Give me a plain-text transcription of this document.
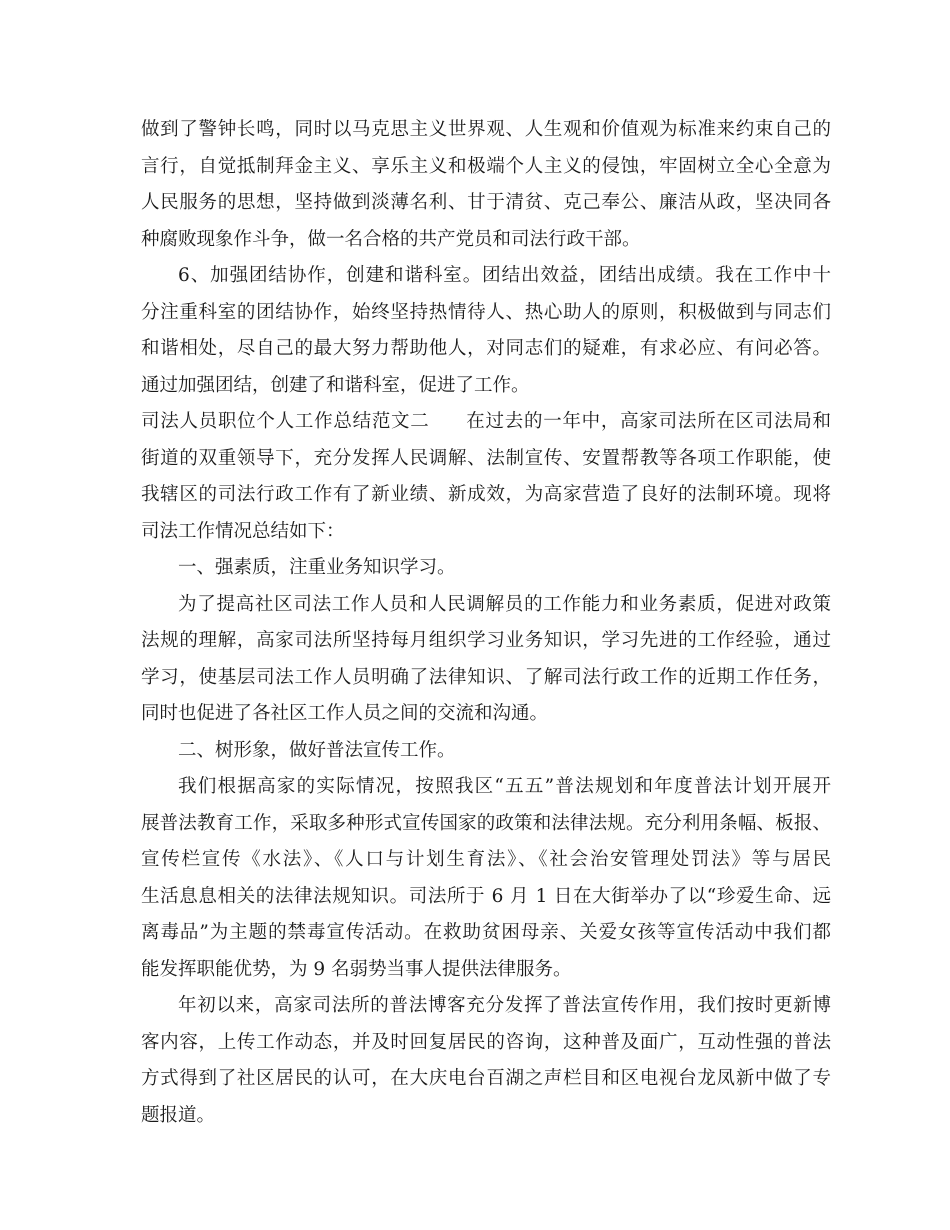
做到了警钟长鸣，同时以马克思主义世界观、人生观和价值观为标准来约束自己的
言行，自觉抵制拜金主义、享乐主义和极端个人主义的侵蚀，牢固树立全心全意为
人民服务的思想，坚持做到淡薄名利、甘于清贫、克己奉公、廉洁从政，坚决同各
种腐败现象作斗争，做一名合格的共产党员和司法行政干部。
6、加强团结协作，创建和谐科室。团结出效益，团结出成绩。我在工作中十
分注重科室的团结协作，始终坚持热情待人、热心助人的原则，积极做到与同志们
和谐相处，尽自己的最大努力帮助他人，对同志们的疑难，有求必应、有问必答。
通过加强团结，创建了和谐科室，促进了工作。
司法人员职位个人工作总结范文二 在过去的一年中，高家司法所在区司法局和
街道的双重领导下，充分发挥人民调解、法制宣传、安置帮教等各项工作职能，使
我辖区的司法行政工作有了新业绩、新成效，为高家营造了良好的法制环境。现将
司法工作情况总结如下：
一、强素质，注重业务知识学习。
为了提高社区司法工作人员和人民调解员的工作能力和业务素质，促进对政策
法规的理解，高家司法所坚持每月组织学习业务知识，学习先进的工作经验，通过
学习，使基层司法工作人员明确了法律知识、了解司法行政工作的近期工作任务，
同时也促进了各社区工作人员之间的交流和沟通。
二、树形象，做好普法宣传工作。
我们根据高家的实际情况，按照我区“五五”普法规划和年度普法计划开展开
展普法教育工作，采取多种形式宣传国家的政策和法律法规。充分利用条幅、板报、
宣传栏宣传《水法》、《人口与计划生育法》、《社会治安管理处罚法》等与居民
生活息息相关的法律法规知识。司法所于 6 月 1 日在大街举办了以“珍爱生命、远
离毒品”为主题的禁毒宣传活动。在救助贫困母亲、关爱女孩等宣传活动中我们都
能发挥职能优势，为 9 名弱势当事人提供法律服务。
年初以来，高家司法所的普法博客充分发挥了普法宣传作用，我们按时更新博
客内容，上传工作动态，并及时回复居民的咨询，这种普及面广，互动性强的普法
方式得到了社区居民的认可，在大庆电台百湖之声栏目和区电视台龙凤新中做了专
题报道。
